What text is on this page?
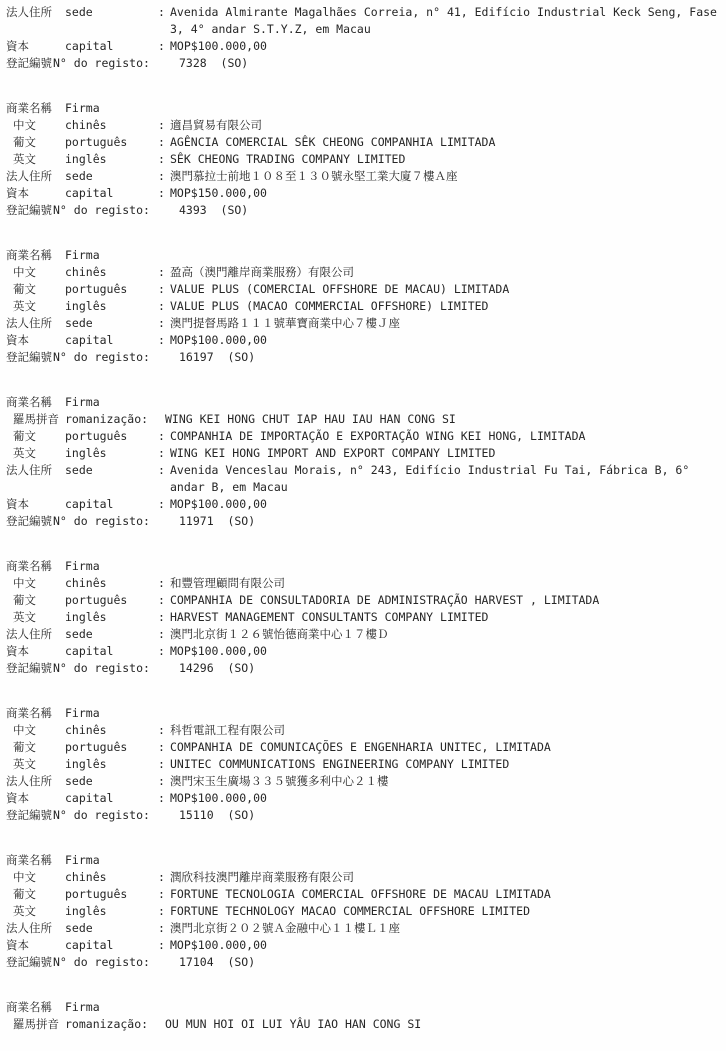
法人住所 sede	: Avenida Almirante Magalhães Correia, n° 41, Edifício Industrial Keck Seng, Fase
3, 4° andar S.T.Y.Z, em Macau
資本	capital	: MOP$100.000,00
登記編號 N° do registo:	7328  (SO)
商業名稱 Firma
中文	chinês	: 適昌貿易有限公司
葡文	português	: AGÊNCIA COMERCIAL SÊK CHEONG COMPANHIA LIMITADA
英文	inglês	: SÊK CHEONG TRADING COMPANY LIMITED
法人住所 sede	: 澳門慕拉士前地１０８至１３０號永堅工業大廈７樓Ａ座
資本	capital	: MOP$150.000,00
登記編號 N° do registo:	4393  (SO)
商業名稱 Firma
中文	chinês	: 盈高（澳門離岸商業服務）有限公司
葡文	português	: VALUE PLUS (COMERCIAL OFFSHORE DE MACAU) LIMITADA
英文	inglês	: VALUE PLUS (MACAO COMMERCIAL OFFSHORE) LIMITED
法人住所 sede	: 澳門提督馬路１１１號華寶商業中心７樓Ｊ座
資本	capital	: MOP$100.000,00
登記編號 N° do registo:	16197  (SO)
商業名稱 Firma
羅馬拼音 romanização: WING KEI HONG CHUT IAP HAU IAU HAN CONG SI
葡文	português	: COMPANHIA DE IMPORTAÇÃO E EXPORTAÇÃO WING KEI HONG, LIMITADA
英文	inglês	: WING KEI HONG IMPORT AND EXPORT COMPANY LIMITED
法人住所 sede	: Avenida Venceslau Morais, n° 243, Edifício Industrial Fu Tai, Fábrica B, 6°
andar B, em Macau
資本	capital	: MOP$100.000,00
登記編號 N° do registo:	11971  (SO)
商業名稱 Firma
中文	chinês	: 和豐管理顧問有限公司
葡文	português	: COMPANHIA DE CONSULTADORIA DE ADMINISTRAÇÃO HARVEST , LIMITADA
英文	inglês	: HARVEST MANAGEMENT CONSULTANTS COMPANY LIMITED
法人住所 sede	: 澳門北京街１２６號怡德商業中心１７樓Ｄ
資本	capital	: MOP$100.000,00
登記編號 N° do registo:	14296  (SO)
商業名稱 Firma
中文	chinês	: 科哲電訊工程有限公司
葡文	português	: COMPANHIA DE COMUNICAÇÕES E ENGENHARIA UNITEC, LIMITADA
英文	inglês	: UNITEC COMMUNICATIONS ENGINEERING COMPANY LIMITED
法人住所 sede	: 澳門宋玉生廣場３３５號獲多利中心２１樓
資本	capital	: MOP$100.000,00
登記編號 N° do registo:	15110  (SO)
商業名稱 Firma
中文	chinês	: 潤欣科技澳門離岸商業服務有限公司
葡文	português	: FORTUNE TECNOLOGIA COMERCIAL OFFSHORE DE MACAU LIMITADA
英文	inglês	: FORTUNE TECHNOLOGY MACAO COMMERCIAL OFFSHORE LIMITED
法人住所 sede	: 澳門北京街２０２號Ａ金融中心１１樓Ｌ１座
資本	capital	: MOP$100.000,00
登記編號 N° do registo:	17104  (SO)
商業名稱 Firma
羅馬拼音 romanização: OU MUN HOI OI LUI YÂU IAO HAN CONG SI
